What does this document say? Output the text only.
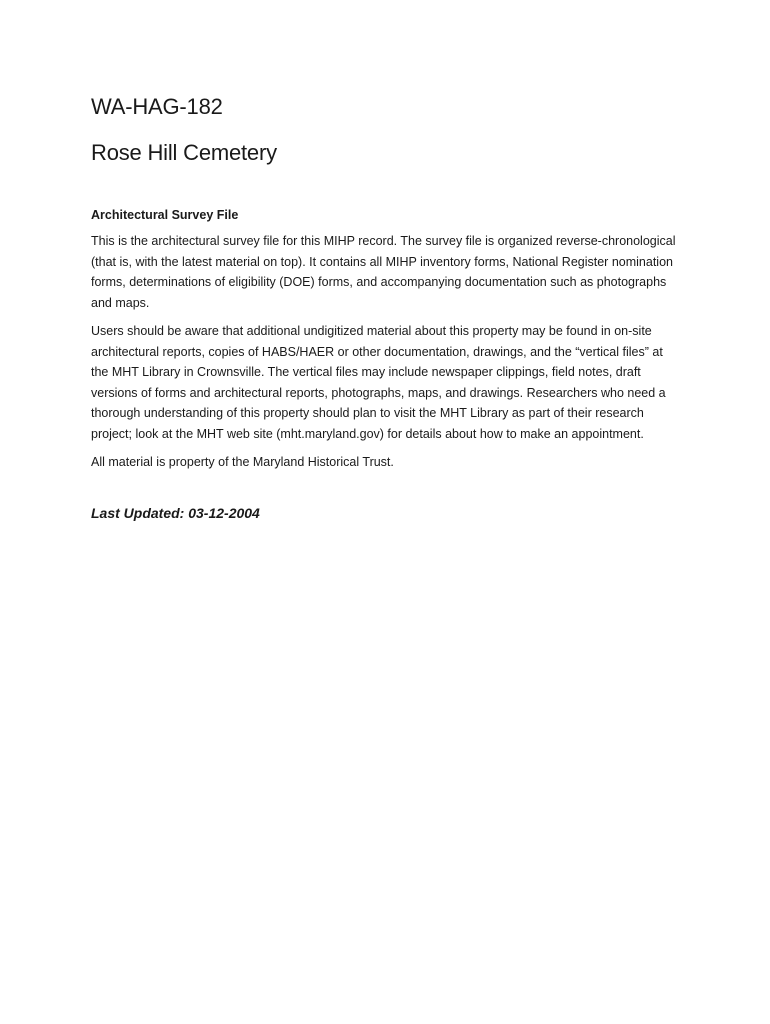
WA-HAG-182
Rose Hill Cemetery
Architectural Survey File

This is the architectural survey file for this MIHP record. The survey file is organized reverse-chronological (that is, with the latest material on top). It contains all MIHP inventory forms, National Register nomination forms, determinations of eligibility (DOE) forms, and accompanying documentation such as photographs and maps.

Users should be aware that additional undigitized material about this property may be found in on-site architectural reports, copies of HABS/HAER or other documentation, drawings, and the “vertical files” at the MHT Library in Crownsville. The vertical files may include newspaper clippings, field notes, draft versions of forms and architectural reports, photographs, maps, and drawings. Researchers who need a thorough understanding of this property should plan to visit the MHT Library as part of their research project; look at the MHT web site (mht.maryland.gov) for details about how to make an appointment.

All material is property of the Maryland Historical Trust.

Last Updated: 03-12-2004
